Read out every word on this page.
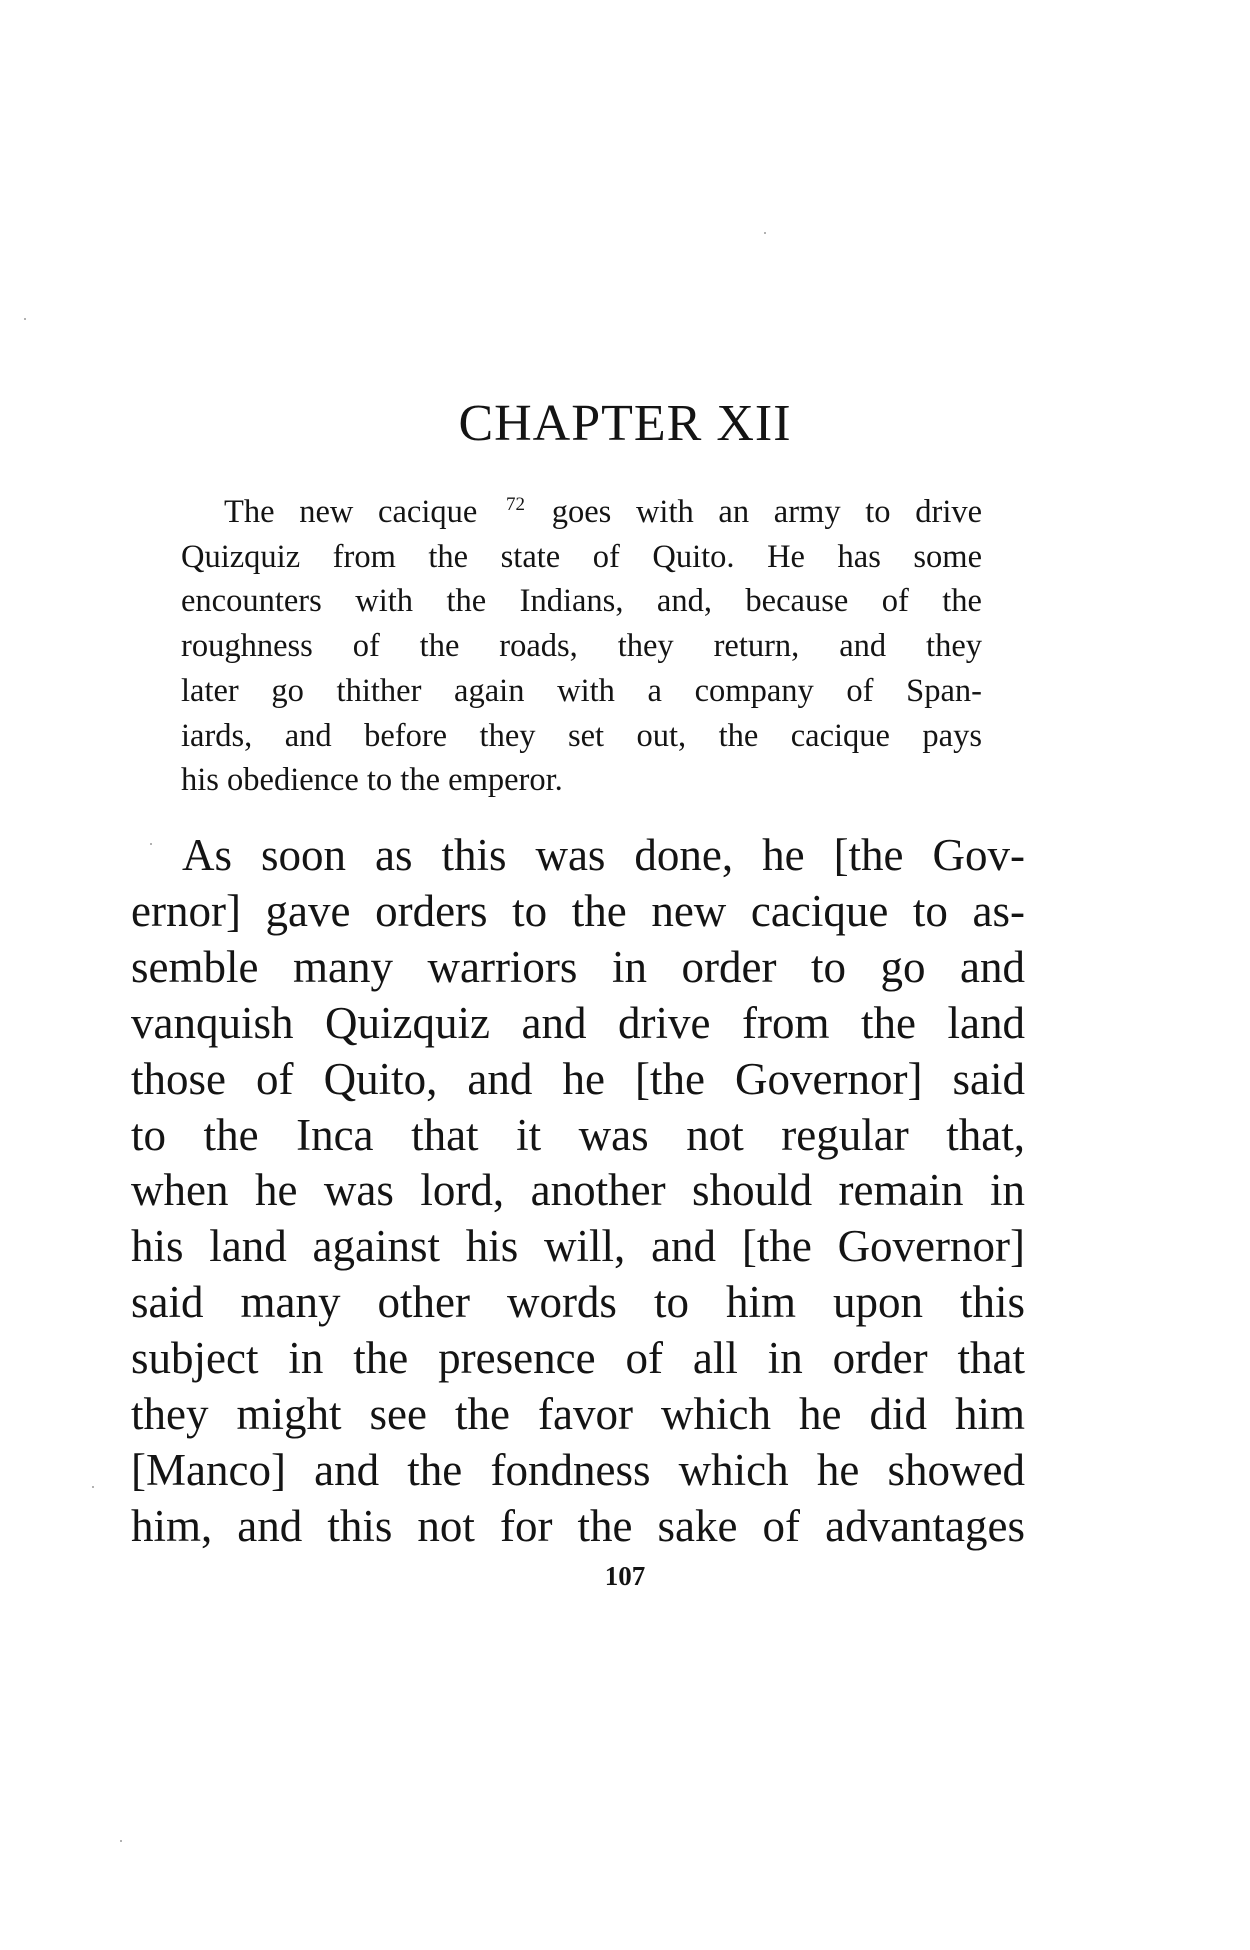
CHAPTER XII
The new cacique $^{72}$ goes with an army to drive
Quizquiz from the state of Quito. He has some
encounters with the Indians, and, because of the
roughness of the roads, they return, and they
later go thither again with a company of Span-
iards, and before they set out, the cacique pays
his obedience to the emperor.
As soon as this was done, he [the Gov-
ernor] gave orders to the new cacique to as-
semble many warriors in order to go and
vanquish Quizquiz and drive from the land
those of Quito, and he [the Governor] said
to the Inca that it was not regular that,
when he was lord, another should remain in
his land against his will, and [the Governor]
said many other words to him upon this
subject in the presence of all in order that
they might see the favor which he did him
[Manco] and the fondness which he showed
him, and this not for the sake of advantages
107
